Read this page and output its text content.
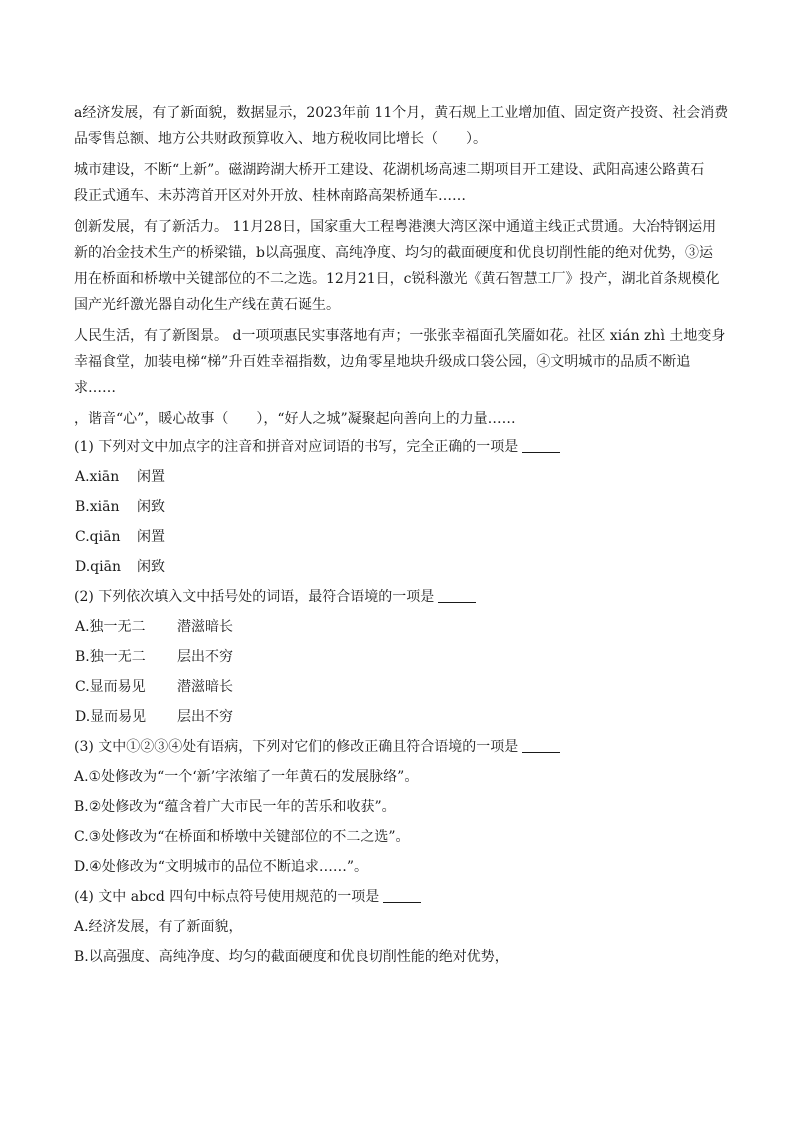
a经济发展，有了新面貌，数据显示，2023年前 11个月，黄石规上工业增加值、固定资产投资、社会消费

品零售总额、地方公共财政预算收入、地方税收同比增长（　　）。

城市建设，不断“上新”。磁湖跨湖大桥开工建设、花湖机场高速二期项目开工建设、武阳高速公路黄石

段正式通车、未苏湾首开区对外开放、桂林南路高架桥通车……

创新发展，有了新活力。 11月28日，国家重大工程粤港澳大湾区深中通道主线正式贯通。大冶特钢运用

新的冶金技术生产的桥梁锚，b以高强度、高纯净度、均匀的截面硬度和优良切削性能的绝对优势，③运

用在桥面和桥墩中关键部位的不二之选。12月21日，c锐科激光《黄石智慧工厂》投产，湖北首条规模化

国产光纤激光器自动化生产线在黄石诞生。

人民生活，有了新图景。 d一项项惠民实事落地有声；一张张幸福面孔笑靥如花。社区 xián zhì 土地变身

幸福食堂，加装电梯“梯”升百姓幸福指数，边角零星地块升级成口袋公园，④文明城市的品质不断追

求……

，谐音“心”，暖心故事（　　），“好人之城”凝聚起向善向上的力量……

(1) 下列对文中加点字的注音和拼音对应词语的书写，完全正确的一项是

A.xiān	闲置
B.xiān	闲致
C.qiān	闲置
D.qiān	闲致

(2) 下列依次填入文中括号处的词语，最符合语境的一项是

A.独一无二	潜滋暗长
B.独一无二	层出不穷
C.显而易见	潜滋暗长
D.显而易见	层出不穷

(3) 文中①②③④处有语病，下列对它们的修改正确且符合语境的一项是

A.①处修改为“一个‘新’字浓缩了一年黄石的发展脉络”。
B.②处修改为“蕴含着广大市民一年的苦乐和收获”。
C.③处修改为“在桥面和桥墩中关键部位的不二之选”。
D.④处修改为“文明城市的品位不断追求……”。

(4) 文中 abcd 四句中标点符号使用规范的一项是

A.经济发展，有了新面貌，
B.以高强度、高纯净度、均匀的截面硬度和优良切削性能的绝对优势，
